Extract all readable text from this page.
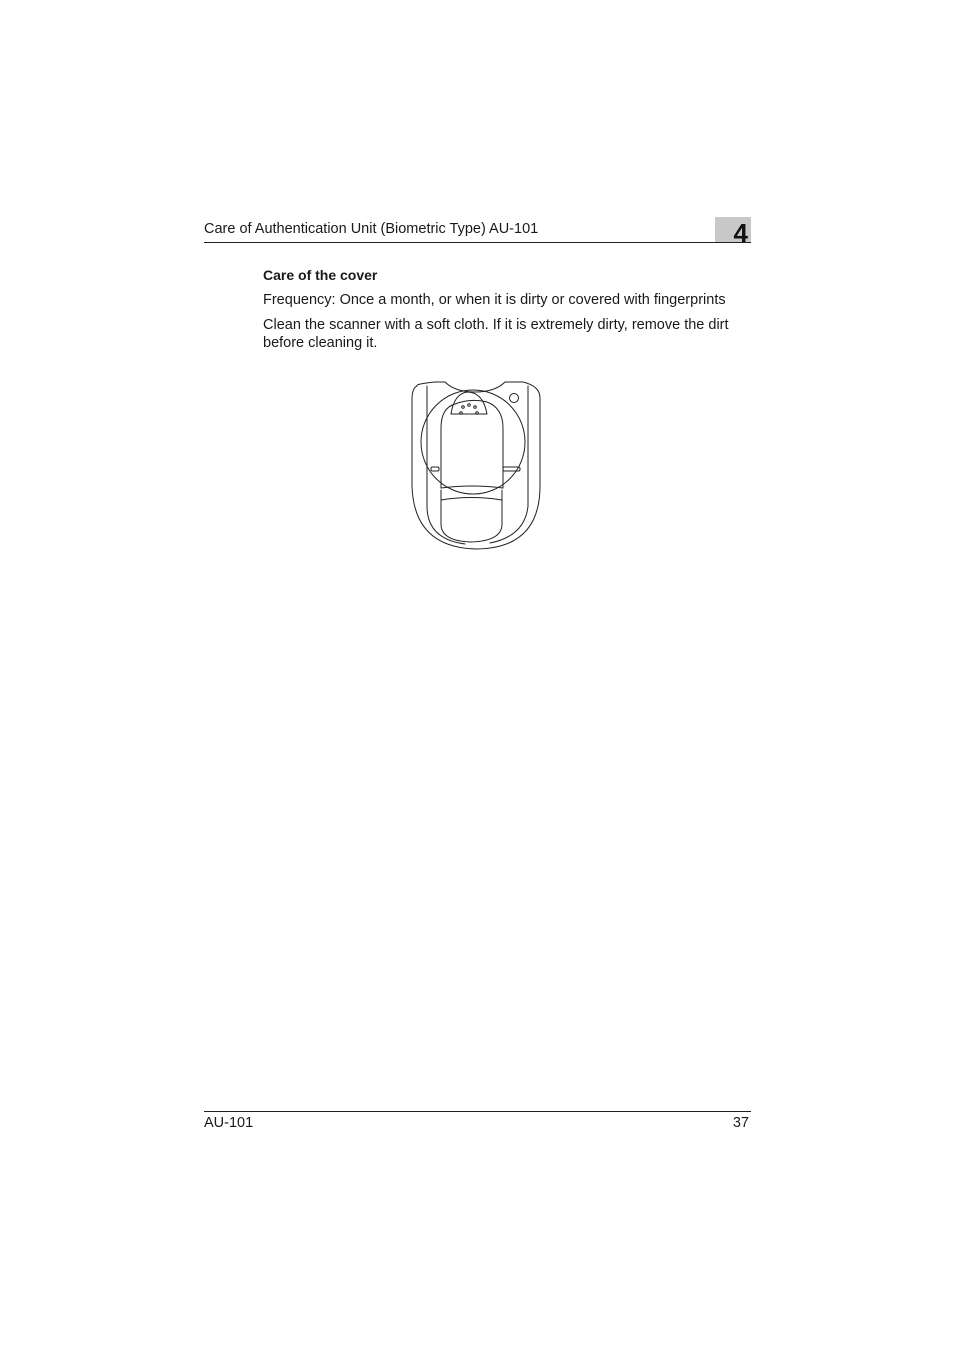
Care of Authentication Unit (Biometric Type) AU-101	4
Care of the cover
Frequency: Once a month, or when it is dirty or covered with fingerprints
Clean the scanner with a soft cloth. If it is extremely dirty, remove the dirt before cleaning it.
AU-101	37
